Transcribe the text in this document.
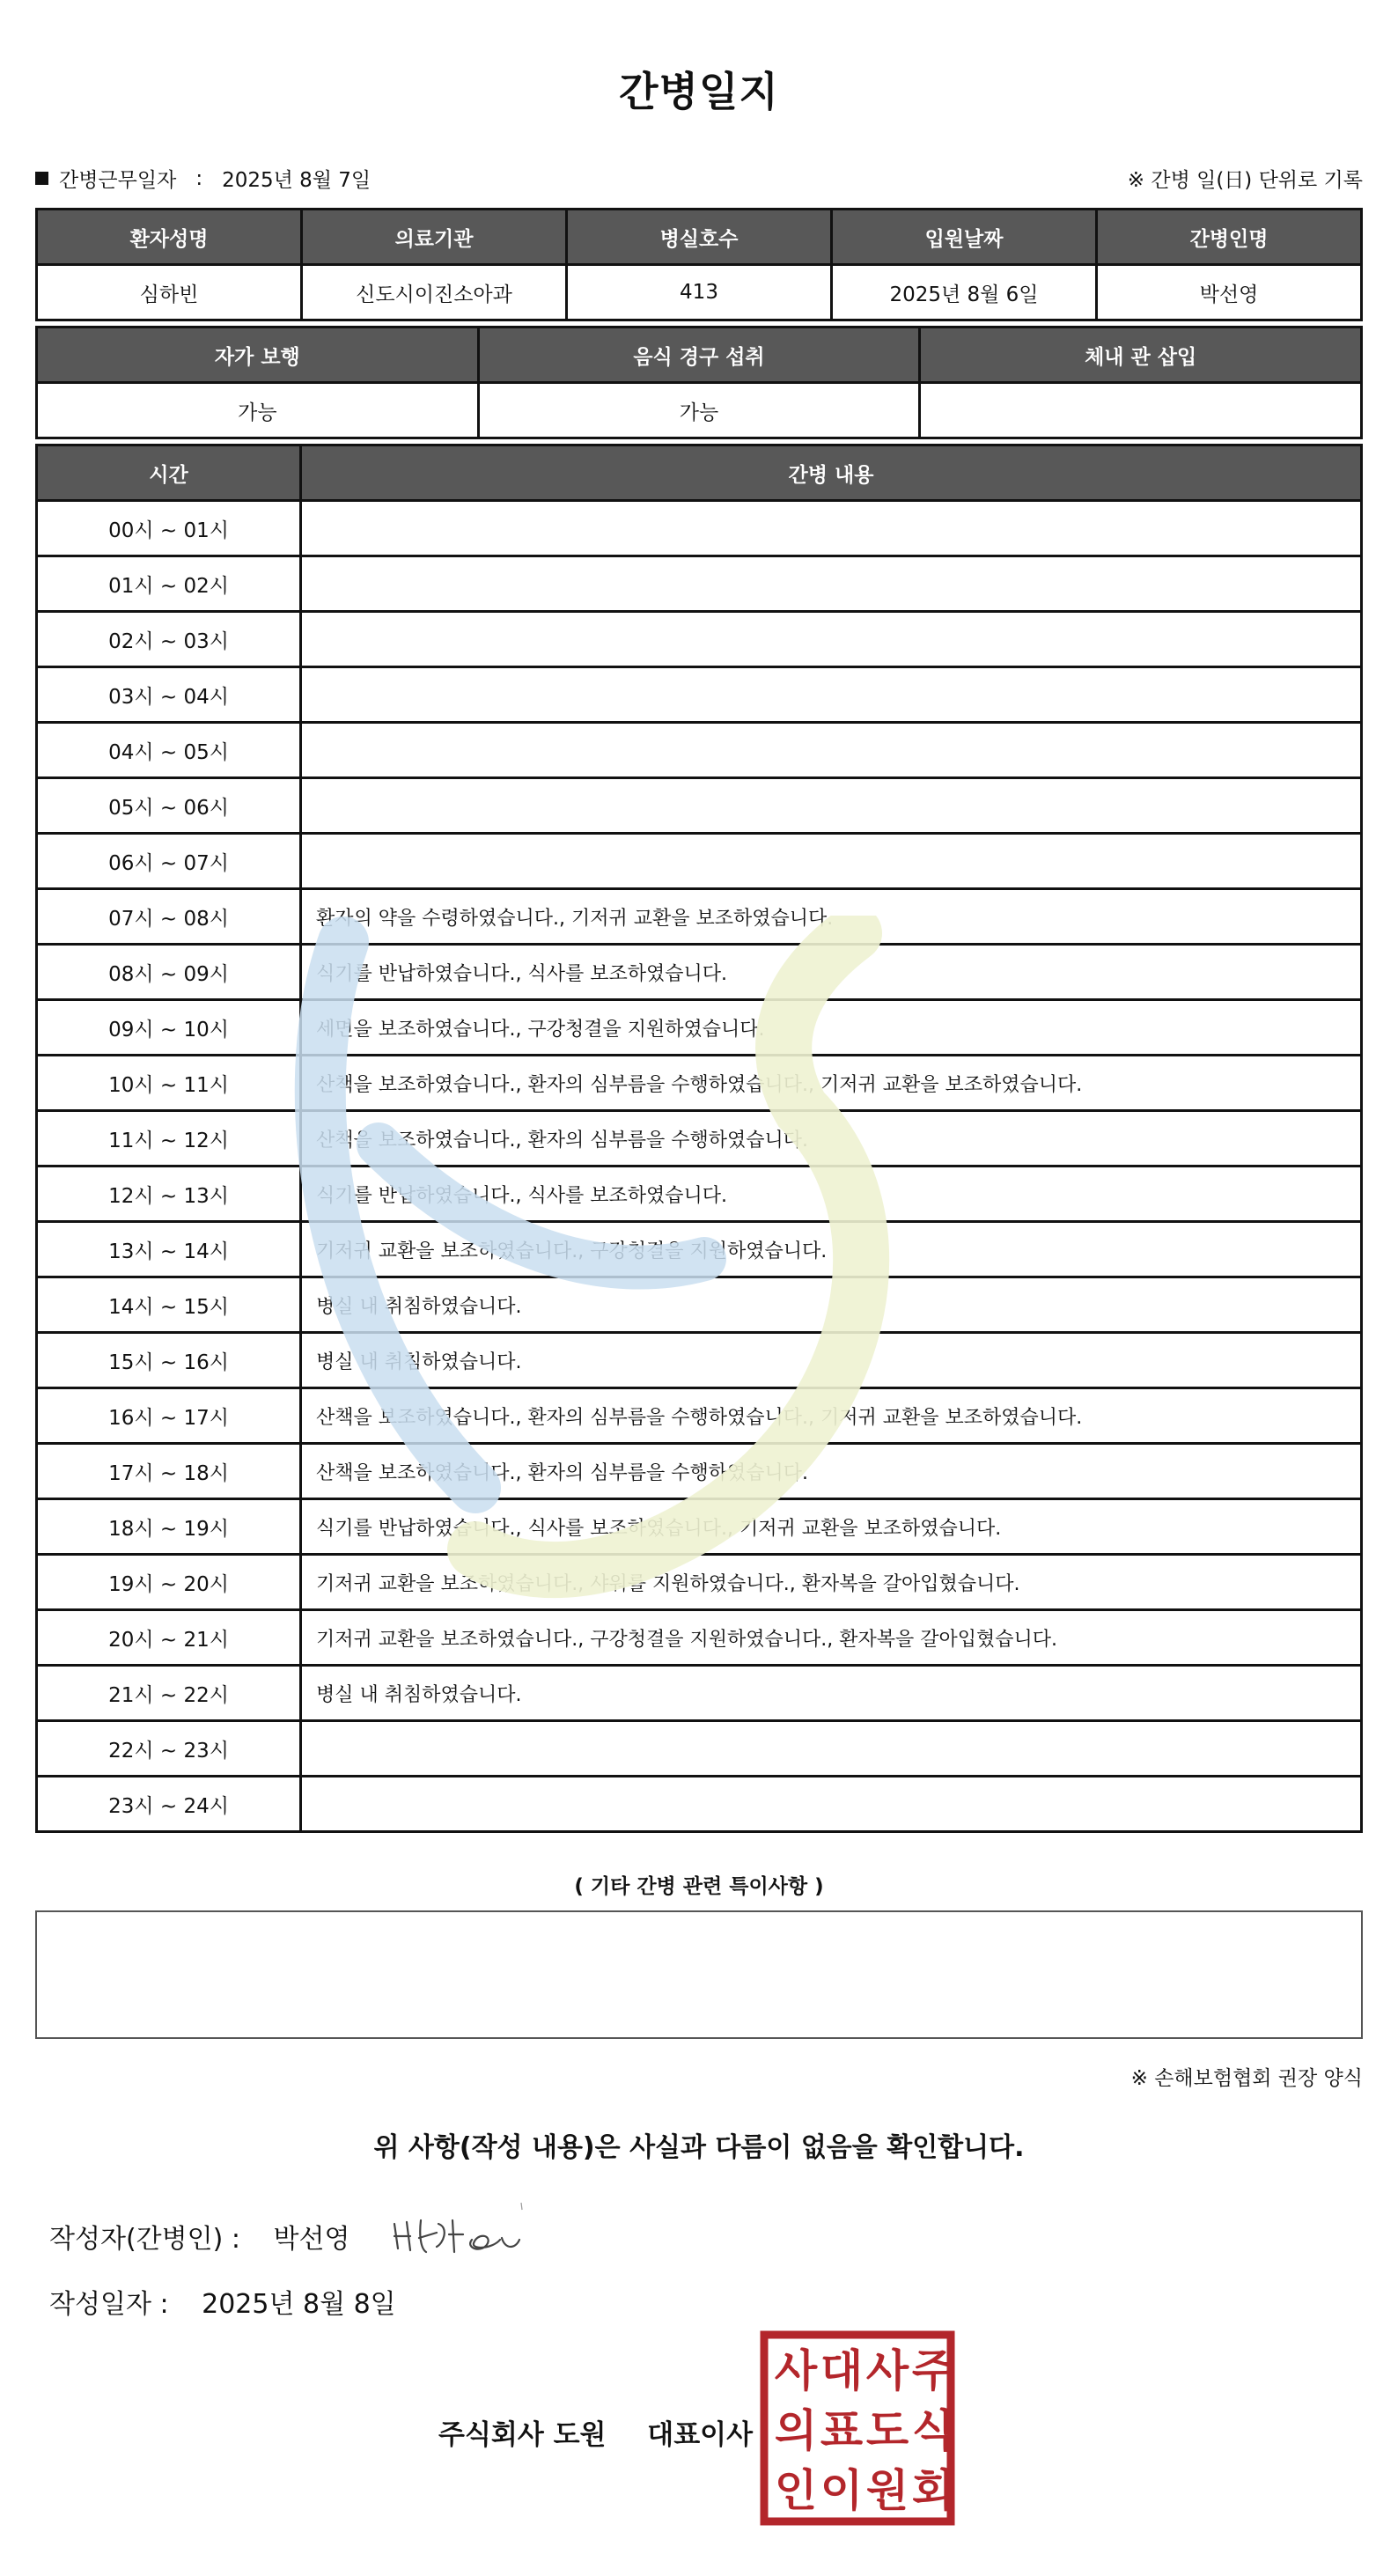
간병일지
간병근무일자 : 2025년 8월 7일	※ 간병 일(日) 단위로 기록
환자성명	의료기관	병실호수	입원날짜	간병인명
심하빈	신도시이진소아과	413	2025년 8월 6일	박선영
자가 보행	음식 경구 섭취	체내 관 삽입
가능	가능	
시간	간병 내용
00시 ~ 01시	
01시 ~ 02시	
02시 ~ 03시	
03시 ~ 04시	
04시 ~ 05시	
05시 ~ 06시	
06시 ~ 07시	
07시 ~ 08시	환자의 약을 수령하였습니다., 기저귀 교환을 보조하였습니다.
08시 ~ 09시	식기를 반납하였습니다., 식사를 보조하였습니다.
09시 ~ 10시	세면을 보조하였습니다., 구강청결을 지원하였습니다.
10시 ~ 11시	산책을 보조하였습니다., 환자의 심부름을 수행하였습니다., 기저귀 교환을 보조하였습니다.
11시 ~ 12시	산책을 보조하였습니다., 환자의 심부름을 수행하였습니다.
12시 ~ 13시	식기를 반납하였습니다., 식사를 보조하였습니다.
13시 ~ 14시	기저귀 교환을 보조하였습니다., 구강청결을 지원하였습니다.
14시 ~ 15시	병실 내 취침하였습니다.
15시 ~ 16시	병실 내 취침하였습니다.
16시 ~ 17시	산책을 보조하였습니다., 환자의 심부름을 수행하였습니다., 기저귀 교환을 보조하였습니다.
17시 ~ 18시	산책을 보조하였습니다., 환자의 심부름을 수행하였습니다.
18시 ~ 19시	식기를 반납하였습니다., 식사를 보조하였습니다., 기저귀 교환을 보조하였습니다.
19시 ~ 20시	기저귀 교환을 보조하였습니다., 샤워를 지원하였습니다., 환자복을 갈아입혔습니다.
20시 ~ 21시	기저귀 교환을 보조하였습니다., 구강청결을 지원하였습니다., 환자복을 갈아입혔습니다.
21시 ~ 22시	병실 내 취침하였습니다.
22시 ~ 23시	
23시 ~ 24시	
( 기타 간병 관련 특이사항 )
※ 손해보험협회 권장 양식
위 사항(작성 내용)은 사실과 다름이 없음을 확인합니다.
작성자(간병인) : 박선영
작성일자 : 2025년 8월 8일
주식회사 도원 대표이사
주
식
회
사
도
원
대
표
이
사
의
인
